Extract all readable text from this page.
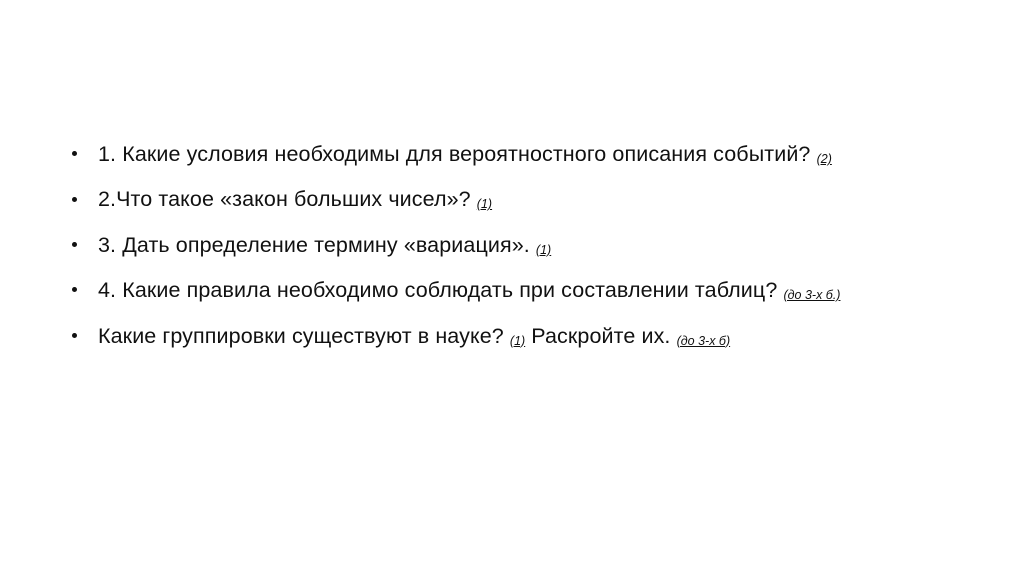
1. Какие условия необходимы для вероятностного описания событий? (2)
2.Что такое «закон больших чисел»? (1)
3. Дать определение термину «вариация». (1)
4. Какие правила необходимо соблюдать при составлении таблиц? (до 3-х б.)
Какие группировки существуют в науке? (1) Раскройте их. (до 3-х б)
